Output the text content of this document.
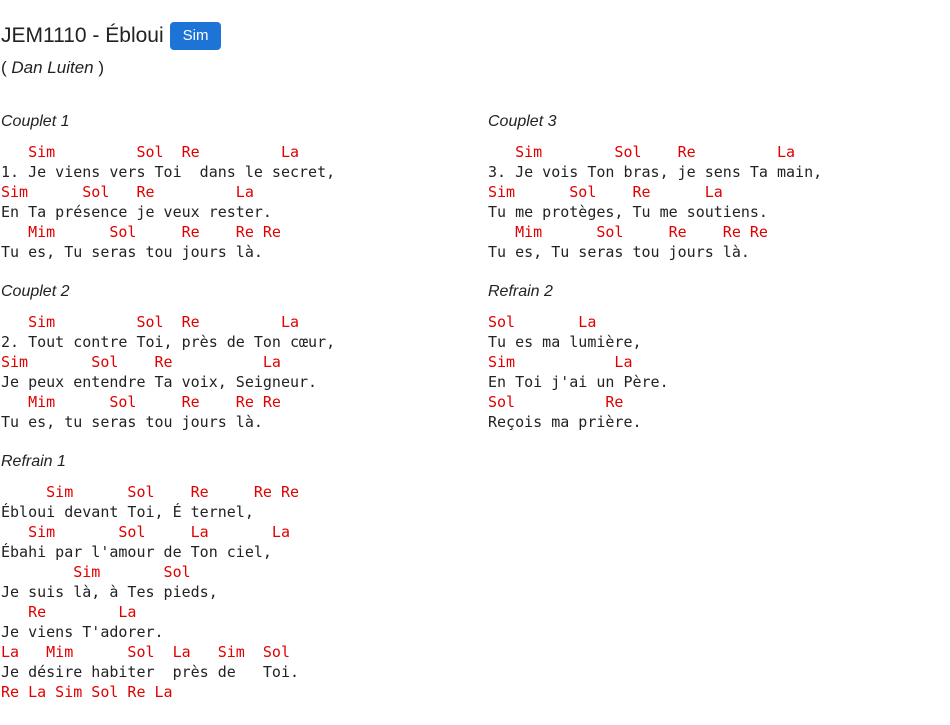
JEM1110 - Ébloui	Sim
( Dan Luiten )
Couplet 1
Sim         Sol  Re         La
1. Je viens vers Toi  dans le secret,
Sim      Sol   Re         La
En Ta présence je veux rester.
Mim      Sol     Re    Re Re
Tu es, Tu seras tou jours là.
Couplet 2
Sim         Sol  Re         La
2. Tout contre Toi, près de Ton cœur,
Sim       Sol    Re          La
Je peux entendre Ta voix, Seigneur.
Mim      Sol     Re    Re Re
Tu es, tu seras tou jours là.
Refrain 1
Sim      Sol    Re     Re Re
Ébloui devant Toi, É ternel,
Sim       Sol     La       La
Ébahi par l'amour de Ton ciel,
Sim       Sol
Je suis là, à Tes pieds,
Re        La
Je viens T'adorer.
La   Mim      Sol  La   Sim  Sol
Je désire habiter  près de   Toi.
Re La Sim Sol Re La
Couplet 3
Sim        Sol    Re         La
3. Je vois Ton bras, je sens Ta main,
Sim      Sol    Re      La
Tu me protèges, Tu me soutiens.
Mim      Sol     Re    Re Re
Tu es, Tu seras tou jours là.
Refrain 2
Sol       La
Tu es ma lumière,
Sim           La
En Toi j'ai un Père.
Sol          Re
Reçois ma prière.
